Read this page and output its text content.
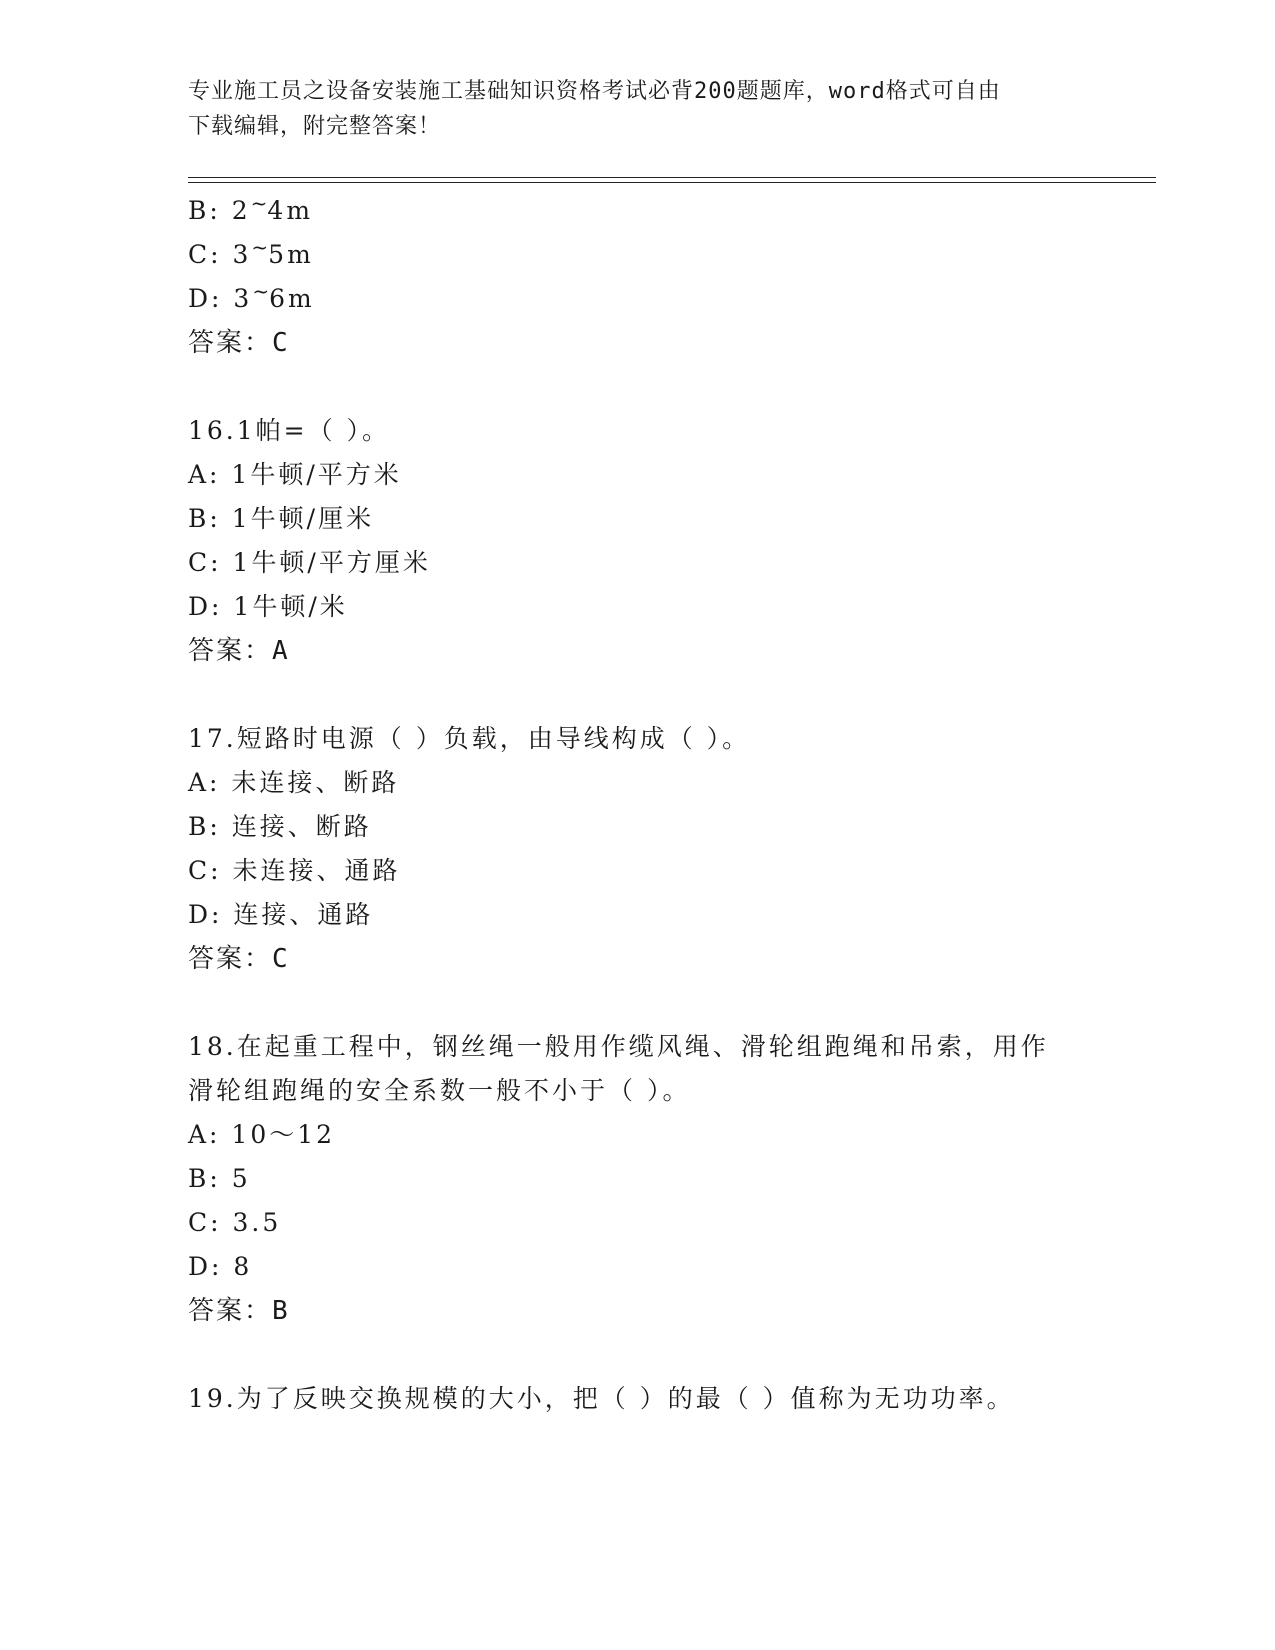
专业施工员之设备安装施工基础知识资格考试必背200题题库，word格式可自由
下载编辑，附完整答案！
B: 2~4m
C: 3~5m
D: 3~6m
答案：C
16.1帕=（ ）。
A: 1牛顿/平方米
B: 1牛顿/厘米
C: 1牛顿/平方厘米
D: 1牛顿/米
答案：A
17.短路时电源（ ）负载，由导线构成（ ）。
A: 未连接、断路
B: 连接、断路
C: 未连接、通路
D: 连接、通路
答案：C
18.在起重工程中，钢丝绳一般用作缆风绳、滑轮组跑绳和吊索，用作
滑轮组跑绳的安全系数一般不小于（ ）。
A: 10～12
B: 5
C: 3.5
D: 8
答案：B
19.为了反映交换规模的大小，把（ ）的最（ ）值称为无功功率。
